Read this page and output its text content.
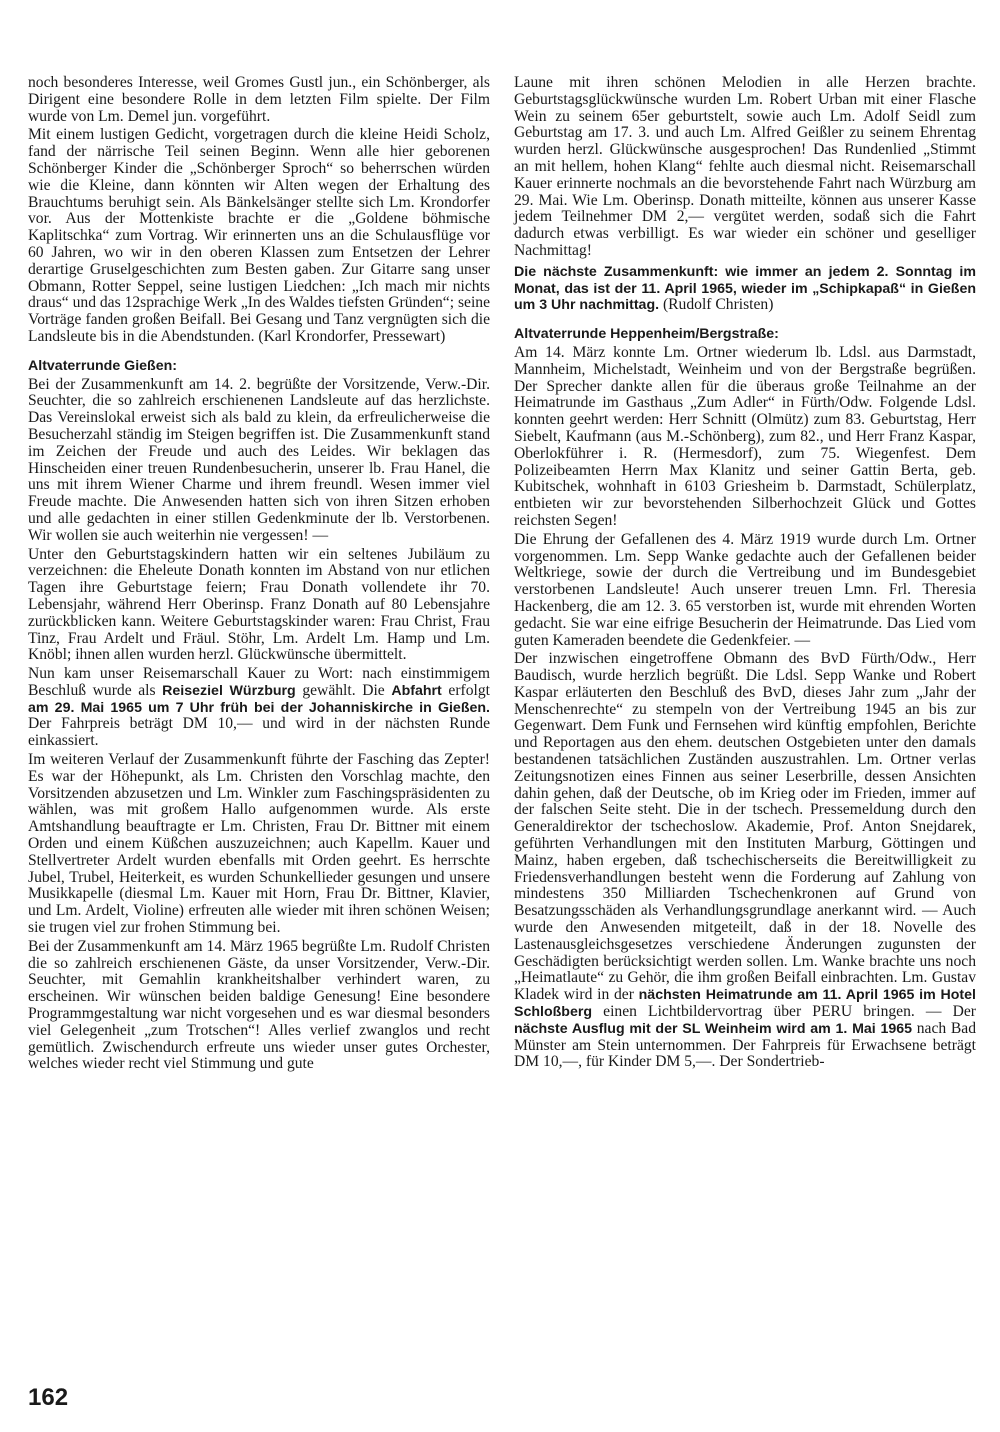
noch besonderes Interesse, weil Gromes Gustl jun., ein Schönberger, als Dirigent eine besondere Rolle in dem letzten Film spielte. Der Film wurde von Lm. Demel jun. vorgeführt.

Mit einem lustigen Gedicht, vorgetragen durch die kleine Heidi Scholz, fand der närrische Teil seinen Beginn. Wenn alle hier geborenen Schönberger Kinder die „Schönberger Sproch“ so beherrschen würden wie die Kleine, dann könnten wir Alten wegen der Erhaltung des Brauchtums beruhigt sein. Als Bänkelsänger stellte sich Lm. Krondorfer vor. Aus der Mottenkiste brachte er die „Goldene böhmische Kaplitschka“ zum Vortrag. Wir erinnerten uns an die Schulausflüge vor 60 Jahren, wo wir in den oberen Klassen zum Entsetzen der Lehrer derartige Gruselgeschichten zum Besten gaben. Zur Gitarre sang unser Obmann, Rotter Seppel, seine lustigen Liedchen: „Ich mach mir nichts draus“ und das 12sprachige Werk „In des Waldes tiefsten Gründen“; seine Vorträge fanden großen Beifall. Bei Gesang und Tanz vergnügten sich die Landsleute bis in die Abendstunden. (Karl Krondorfer, Pressewart)

Altvaterrunde Gießen:

Bei der Zusammenkunft am 14. 2. begrüßte der Vorsitzende, Verw.-Dir. Seuchter, die so zahlreich erschienenen Landsleute auf das herzlichste. Das Vereinslokal erweist sich als bald zu klein, da erfreulicherweise die Besucherzahl ständig im Steigen begriffen ist. Die Zusammenkunft stand im Zeichen der Freude und auch des Leides. Wir beklagen das Hinscheiden einer treuen Rundenbesucherin, unserer lb. Frau Hanel, die uns mit ihrem Wiener Charme und ihrem freundl. Wesen immer viel Freude machte. Die Anwesenden hatten sich von ihren Sitzen erhoben und alle gedachten in einer stillen Gedenkminute der lb. Verstorbenen. Wir wollen sie auch weiterhin nie vergessen! —

Unter den Geburtstagskindern hatten wir ein seltenes Jubiläum zu verzeichnen: die Eheleute Donath konnten im Abstand von nur etlichen Tagen ihre Geburtstage feiern; Frau Donath vollendete ihr 70. Lebensjahr, während Herr Oberinsp. Franz Donath auf 80 Lebensjahre zurückblicken kann. Weitere Geburtstagskinder waren: Frau Christ, Frau Tinz, Frau Ardelt und Fräul. Stöhr, Lm. Ardelt Lm. Hamp und Lm. Knöbl; ihnen allen wurden herzl. Glückwünsche übermittelt.

Nun kam unser Reisemarschall Kauer zu Wort: nach einstimmigem Beschluß wurde als Reiseziel Würzburg gewählt. Die Abfahrt erfolgt am 29. Mai 1965 um 7 Uhr früh bei der Johanniskirche in Gießen. Der Fahrpreis beträgt DM 10,— und wird in der nächsten Runde einkassiert.

Im weiteren Verlauf der Zusammenkunft führte der Fasching das Zepter! Es war der Höhepunkt, als Lm. Christen den Vorschlag machte, den Vorsitzenden abzusetzen und Lm. Winkler zum Faschingspräsidenten zu wählen, was mit großem Hallo aufgenommen wurde. Als erste Amtshandlung beauftragte er Lm. Christen, Frau Dr. Bittner mit einem Orden und einem Küßchen auszuzeichnen; auch Kapellm. Kauer und Stellvertreter Ardelt wurden ebenfalls mit Orden geehrt. Es herrschte Jubel, Trubel, Heiterkeit, es wurden Schunkellieder gesungen und unsere Musikkapelle (diesmal Lm. Kauer mit Horn, Frau Dr. Bittner, Klavier, und Lm. Ardelt, Violine) erfreuten alle wieder mit ihren schönen Weisen; sie trugen viel zur frohen Stimmung bei.

Bei der Zusammenkunft am 14. März 1965 begrüßte Lm. Rudolf Christen die so zahlreich erschienenen Gäste, da unser Vorsitzender, Verw.-Dir. Seuchter, mit Gemahlin krankheitshalber verhindert waren, zu erscheinen. Wir wünschen beiden baldige Genesung! Eine besondere Programmgestaltung war nicht vorgesehen und es war diesmal besonders viel Gelegenheit „zum Trotschen“! Alles verlief zwanglos und recht gemütlich. Zwischendurch erfreute uns wieder unser gutes Orchester, welches wieder recht viel Stimmung und gute

Laune mit ihren schönen Melodien in alle Herzen brachte. Geburtstagsglückwünsche wurden Lm. Robert Urban mit einer Flasche Wein zu seinem 65er geburtstelt, sowie auch Lm. Adolf Seidl zum Geburtstag am 17. 3. und auch Lm. Alfred Geißler zu seinem Ehrentag wurden herzl. Glückwünsche ausgesprochen! Das Rundenlied „Stimmt an mit hellem, hohen Klang“ fehlte auch diesmal nicht. Reisemarschall Kauer erinnerte nochmals an die bevorstehende Fahrt nach Würzburg am 29. Mai. Wie Lm. Oberinsp. Donath mitteilte, können aus unserer Kasse jedem Teilnehmer DM 2,— vergütet werden, sodaß sich die Fahrt dadurch etwas verbilligt. Es war wieder ein schöner und geselliger Nachmittag!

Die nächste Zusammenkunft: wie immer an jedem 2. Sonntag im Monat, das ist der 11. April 1965, wieder im „Schipkapaß“ in Gießen um 3 Uhr nachmittag. (Rudolf Christen)

Altvaterrunde Heppenheim/Bergstraße:

Am 14. März konnte Lm. Ortner wiederum lb. Ldsl. aus Darmstadt, Mannheim, Michelstadt, Weinheim und von der Bergstraße begrüßen. Der Sprecher dankte allen für die überaus große Teilnahme an der Heimatrunde im Gasthaus „Zum Adler“ in Fürth/Odw. Folgende Ldsl. konnten geehrt werden: Herr Schnitt (Olmütz) zum 83. Geburtstag, Herr Siebelt, Kaufmann (aus M.-Schönberg), zum 82., und Herr Franz Kaspar, Oberlokführer i. R. (Hermesdorf), zum 75. Wiegenfest. Dem Polizeibeamten Herrn Max Klanitz und seiner Gattin Berta, geb. Kubitschek, wohnhaft in 6103 Griesheim b. Darmstadt, Schülerplatz, entbieten wir zur bevorstehenden Silberhochzeit Glück und Gottes reichsten Segen!

Die Ehrung der Gefallenen des 4. März 1919 wurde durch Lm. Ortner vorgenommen. Lm. Sepp Wanke gedachte auch der Gefallenen beider Weltkriege, sowie der durch die Vertreibung und im Bundesgebiet verstorbenen Landsleute! Auch unserer treuen Lmn. Frl. Theresia Hackenberg, die am 12. 3. 65 verstorben ist, wurde mit ehrenden Worten gedacht. Sie war eine eifrige Besucherin der Heimatrunde. Das Lied vom guten Kameraden beendete die Gedenkfeier. —

Der inzwischen eingetroffene Obmann des BvD Fürth/Odw., Herr Baudisch, wurde herzlich begrüßt. Die Ldsl. Sepp Wanke und Robert Kaspar erläuterten den Beschluß des BvD, dieses Jahr zum „Jahr der Menschenrechte“ zu stempeln von der Vertreibung 1945 an bis zur Gegenwart. Dem Funk und Fernsehen wird künftig empfohlen, Berichte und Reportagen aus den ehem. deutschen Ostgebieten unter den damals bestandenen tatsächlichen Zuständen auszustrahlen. Lm. Ortner verlas Zeitungsnotizen eines Finnen aus seiner Leserbrille, dessen Ansichten dahin gehen, daß der Deutsche, ob im Krieg oder im Frieden, immer auf der falschen Seite steht. Die in der tschech. Pressemeldung durch den Generaldirektor der tschechoslow. Akademie, Prof. Anton Snejdarek, geführten Verhandlungen mit den Instituten Marburg, Göttingen und Mainz, haben ergeben, daß tschechischerseits die Bereitwilligkeit zu Friedensverhandlungen besteht wenn die Forderung auf Zahlung von mindestens 350 Milliarden Tschechenkronen auf Grund von Besatzungsschäden als Verhandlungsgrundlage anerkannt wird. — Auch wurde den Anwesenden mitgeteilt, daß in der 18. Novelle des Lastenausgleichsgesetzes verschiedene Änderungen zugunsten der Geschädigten berücksichtigt werden sollen. Lm. Wanke brachte uns noch „Heimatlaute“ zu Gehör, die ihm großen Beifall einbrachten. Lm. Gustav Kladek wird in der nächsten Heimatrunde am 11. April 1965 im Hotel Schloßberg einen Lichtbildervortrag über PERU bringen. — Der nächste Ausflug mit der SL Weinheim wird am 1. Mai 1965 nach Bad Münster am Stein unternommen. Der Fahrpreis für Erwachsene beträgt DM 10,—, für Kinder DM 5,—. Der Sondertrieb-

162
